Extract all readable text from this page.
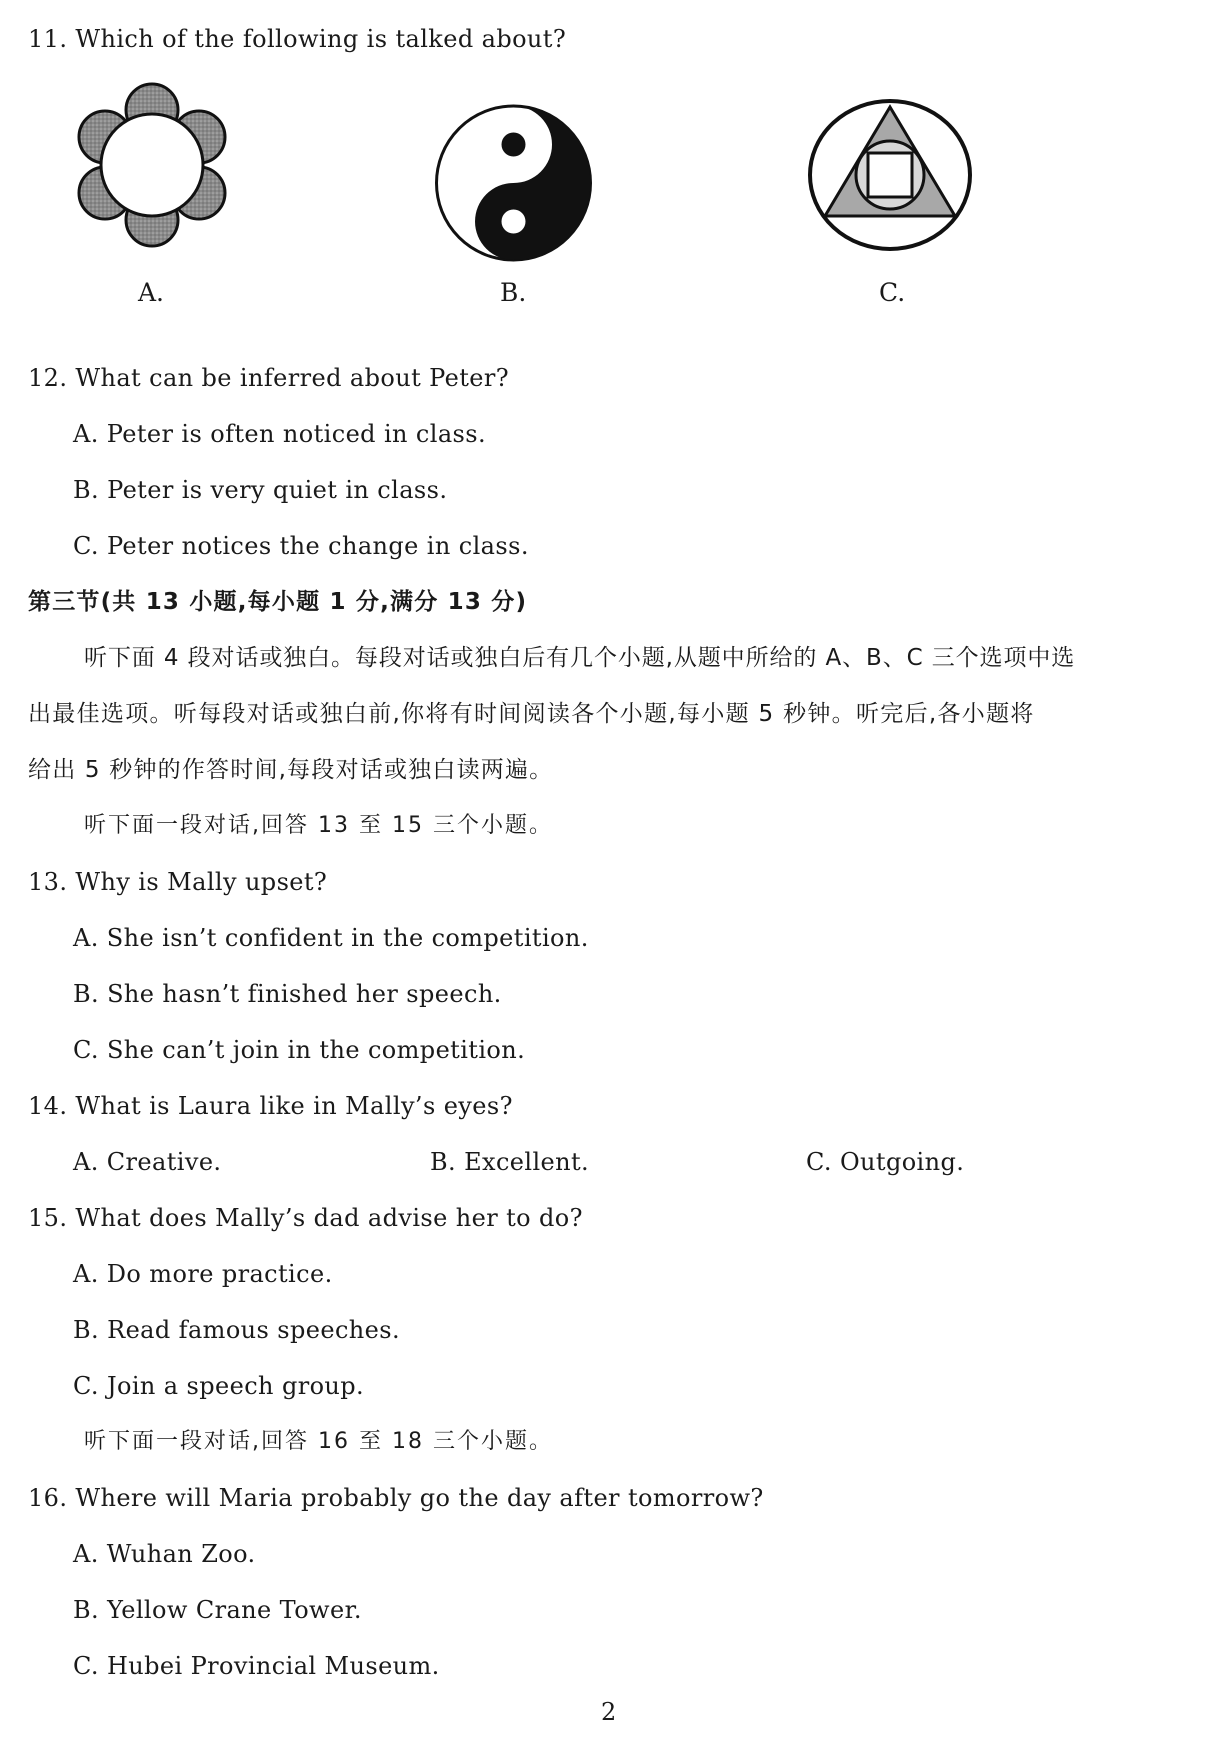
11. Which of the following is talked about?
A.	B.	C.
12. What can be inferred about Peter?
A. Peter is often noticed in class.
B. Peter is very quiet in class.
C. Peter notices the change in class.
第三节(共 13 小题,每小题 1 分,满分 13 分)
听下面 4 段对话或独白。每段对话或独白后有几个小题,从题中所给的 A、B、C 三个选项中选
出最佳选项。听每段对话或独白前,你将有时间阅读各个小题,每小题 5 秒钟。听完后,各小题将
给出 5 秒钟的作答时间,每段对话或独白读两遍。
听下面一段对话,回答 13 至 15 三个小题。
13. Why is Mally upset?
A. She isn’t confident in the competition.
B. She hasn’t finished her speech.
C. She can’t join in the competition.
14. What is Laura like in Mally’s eyes?
A. Creative.	B. Excellent.	C. Outgoing.
15. What does Mally’s dad advise her to do?
A. Do more practice.
B. Read famous speeches.
C. Join a speech group.
听下面一段对话,回答 16 至 18 三个小题。
16. Where will Maria probably go the day after tomorrow?
A. Wuhan Zoo.
B. Yellow Crane Tower.
C. Hubei Provincial Museum.
2
